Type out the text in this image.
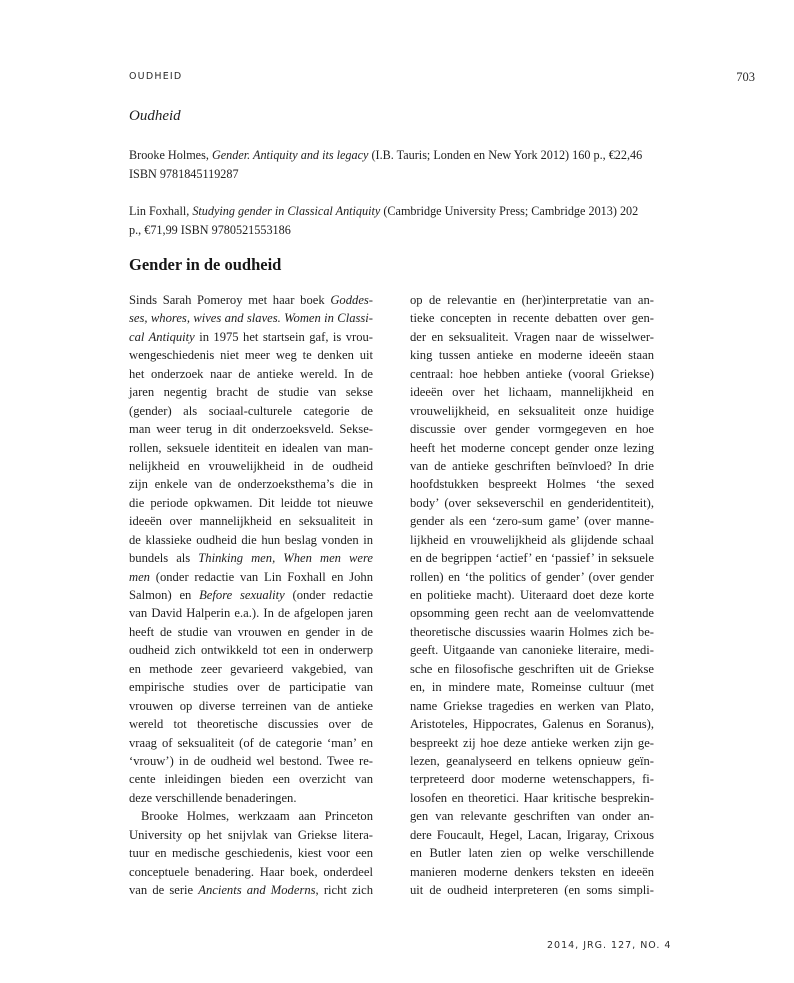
OUDHEID	703
Oudheid
Brooke Holmes, Gender. Antiquity and its legacy (I.B. Tauris; Londen en New York 2012) 160 p., €22,46
ISBN 9781845119287
Lin Foxhall, Studying gender in Classical Antiquity (Cambridge University Press; Cambridge 2013) 202
p., €71,99 ISBN 9780521553186
Gender in de oudheid
Sinds Sarah Pomeroy met haar boek Goddes-
ses, whores, wives and slaves. Women in Classi-
cal Antiquity in 1975 het startsein gaf, is vrou-
wengeschiedenis niet meer weg te denken uit
het onderzoek naar de antieke wereld. In de
jaren negentig bracht de studie van sekse
(gender) als sociaal-culturele categorie de
man weer terug in dit onderzoeksveld. Sekse-
rollen, seksuele identiteit en idealen van man-
nelijkheid en vrouwelijkheid in de oudheid
zijn enkele van de onderzoeksthema’s die in
die periode opkwamen. Dit leidde tot nieuwe
ideeën over mannelijkheid en seksualiteit in
de klassieke oudheid die hun beslag vonden in
bundels als Thinking men, When men were
men (onder redactie van Lin Foxhall en John
Salmon) en Before sexuality (onder redactie
van David Halperin e.a.). In de afgelopen jaren
heeft de studie van vrouwen en gender in de
oudheid zich ontwikkeld tot een in onderwerp
en methode zeer gevarieerd vakgebied, van
empirische studies over de participatie van
vrouwen op diverse terreinen van de antieke
wereld tot theoretische discussies over de
vraag of seksualiteit (of de categorie ‘man’ en
‘vrouw’) in de oudheid wel bestond. Twee re-
cente inleidingen bieden een overzicht van
deze verschillende benaderingen.
Brooke Holmes, werkzaam aan Princeton
University op het snijvlak van Griekse litera-
tuur en medische geschiedenis, kiest voor een
conceptuele benadering. Haar boek, onderdeel
van de serie Ancients and Moderns, richt zich
op de relevantie en (her)interpretatie van an-
tieke concepten in recente debatten over gen-
der en seksualiteit. Vragen naar de wisselwer-
king tussen antieke en moderne ideeën staan
centraal: hoe hebben antieke (vooral Griekse)
ideeën over het lichaam, mannelijkheid en
vrouwelijkheid, en seksualiteit onze huidige
discussie over gender vormgegeven en hoe
heeft het moderne concept gender onze lezing
van de antieke geschriften beïnvloed? In drie
hoofdstukken bespreekt Holmes ‘the sexed
body’ (over sekseverschil en genderidentiteit),
gender als een ‘zero-sum game’ (over manne-
lijkheid en vrouwelijkheid als glijdende schaal
en de begrippen ‘actief’ en ‘passief’ in seksuele
rollen) en ‘the politics of gender’ (over gender
en politieke macht). Uiteraard doet deze korte
opsomming geen recht aan de veelomvattende
theoretische discussies waarin Holmes zich be-
geeft. Uitgaande van canonieke literaire, medi-
sche en filosofische geschriften uit de Griekse
en, in mindere mate, Romeinse cultuur (met
name Griekse tragedies en werken van Plato,
Aristoteles, Hippocrates, Galenus en Soranus),
bespreekt zij hoe deze antieke werken zijn ge-
lezen, geanalyseerd en telkens opnieuw geïn-
terpreteerd door moderne wetenschappers, fi-
losofen en theoretici. Haar kritische besprekin-
gen van relevante geschriften van onder an-
dere Foucault, Hegel, Lacan, Irigaray, Crixous
en Butler laten zien op welke verschillende
manieren moderne denkers teksten en ideeën
uit de oudheid interpreteren (en soms simpli-
2014, JRG. 127, NO. 4
